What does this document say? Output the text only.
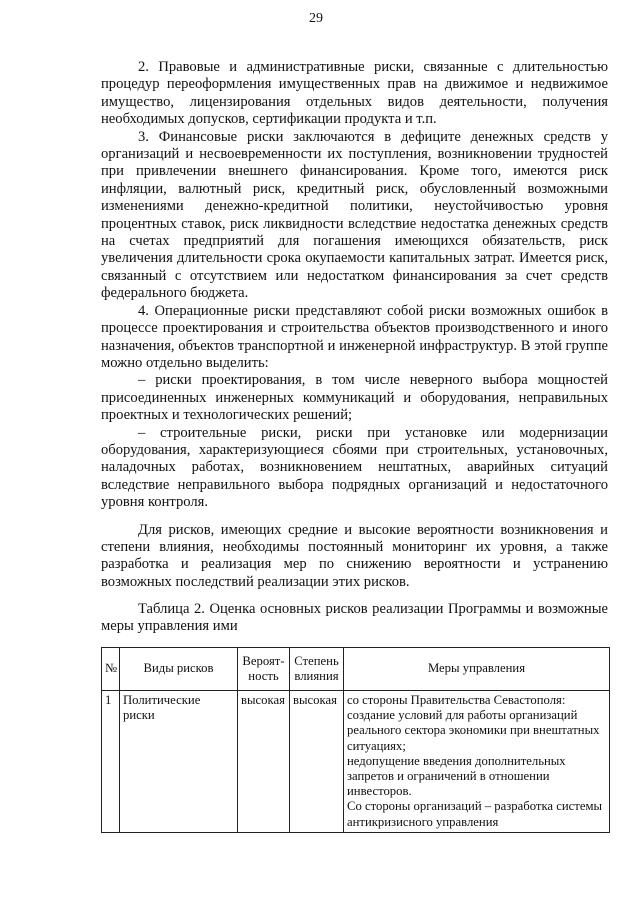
29

2. Правовые и административные риски, связанные с длительностью процедур переоформления имущественных прав на движимое и недвижимое имущество, лицензирования отдельных видов деятельности, получения необходимых допусков, сертификации продукта и т.п.

3. Финансовые риски заключаются в дефиците денежных средств у организаций и несвоевременности их поступления, возникновении трудностей при привлечении внешнего финансирования. Кроме того, имеются риск инфляции, валютный риск, кредитный риск, обусловленный возможными изменениями денежно-кредитной политики, неустойчивостью уровня процентных ставок, риск ликвидности вследствие недостатка денежных средств на счетах предприятий для погашения имеющихся обязательств, риск увеличения длительности срока окупаемости капитальных затрат. Имеется риск, связанный с отсутствием или недостатком финансирования за счет средств федерального бюджета.

4. Операционные риски представляют собой риски возможных ошибок в процессе проектирования и строительства объектов производственного и иного назначения, объектов транспортной и инженерной инфраструктур. В этой группе можно отдельно выделить:

– риски проектирования, в том числе неверного выбора мощностей присоединенных инженерных коммуникаций и оборудования, неправильных проектных и технологических решений;

– строительные риски, риски при установке или модернизации оборудования, характеризующиеся сбоями при строительных, установочных, наладочных работах, возникновением нештатных, аварийных ситуаций вследствие неправильного выбора подрядных организаций и недостаточного уровня контроля.

Для рисков, имеющих средние и высокие вероятности возникновения и степени влияния, необходимы постоянный мониторинг их уровня, а также разработка и реализация мер по снижению вероятности и устранению возможных последствий реализации этих рисков.

Таблица 2. Оценка основных рисков реализации Программы и возможные меры управления ими

№	Виды рисков	Вероят-ность	Степень влияния	Меры управления
1	Политические риски	высокая	высокая	со стороны Правительства Севастополя:
создание условий для работы организаций реального сектора экономики при внештатных ситуациях;
недопущение введения дополнительных запретов и ограничений в отношении инвесторов.
Со стороны организаций – разработка системы антикризисного управления
